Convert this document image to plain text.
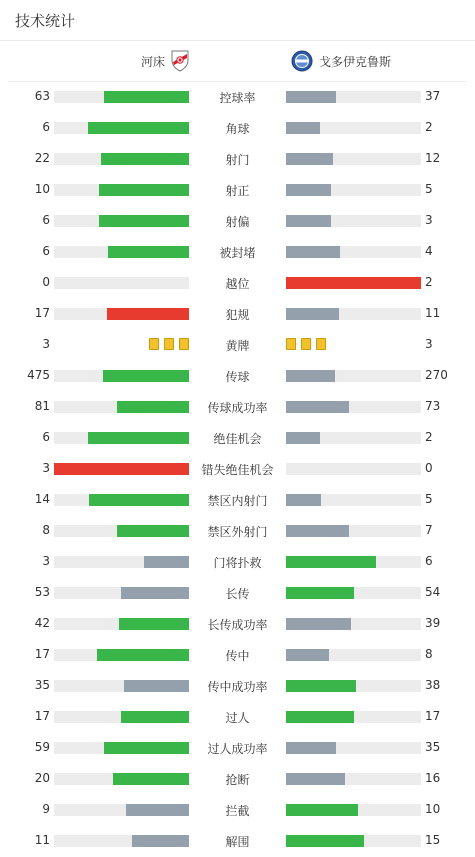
技术统计
河床	戈多伊克鲁斯
63	控球率	37
6	角球	2
22	射门	12
10	射正	5
6	射偏	3
6	被封堵	4
0	越位	2
17	犯规	11
3	黄牌	3
475	传球	270
81	传球成功率	73
6	绝佳机会	2
3	错失绝佳机会	0
14	禁区内射门	5
8	禁区外射门	7
3	门将扑救	6
53	长传	54
42	长传成功率	39
17	传中	8
35	传中成功率	38
17	过人	17
59	过人成功率	35
20	抢断	16
9	拦截	10
11	解围	15
